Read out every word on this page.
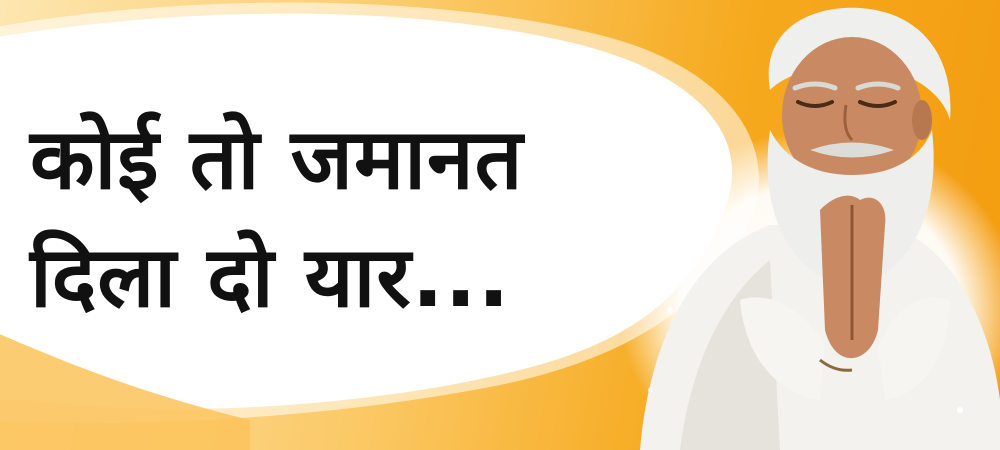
कोई तो जमानत
दिला दो यार...
